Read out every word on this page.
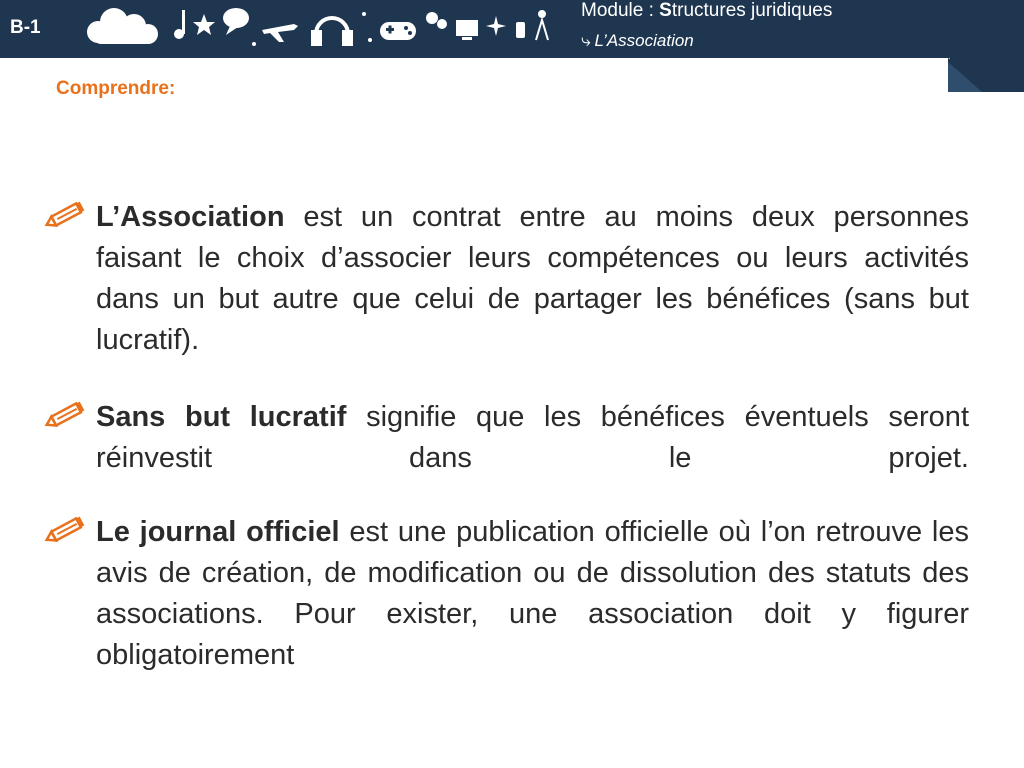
B-1
Module : Structures juridiques
⤷ L’Association
Comprendre:
L’Association est un contrat entre au moins deux personnes faisant le choix d’associer leurs compétences ou leurs activités dans un but autre que celui de partager les bénéfices (sans but lucratif).
Sans but lucratif signifie que les bénéfices éventuels seront réinvestit dans le projet.
Le journal officiel est une publication officielle où l’on retrouve les avis de création, de modification ou de dissolution des statuts des associations. Pour exister, une association doit y figurer obligatoirement
